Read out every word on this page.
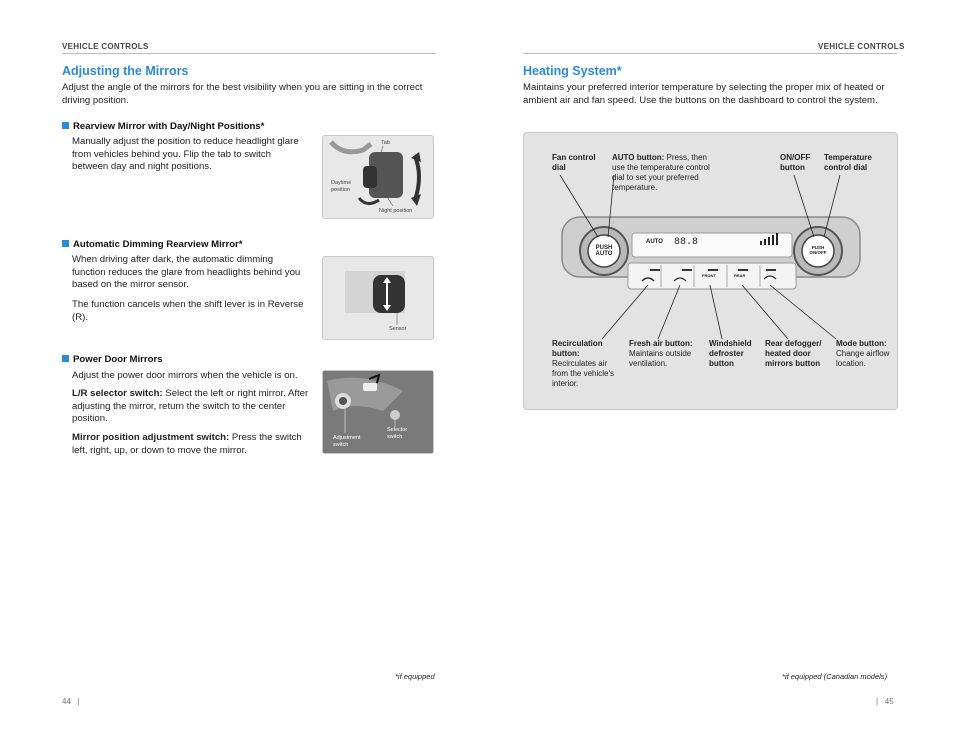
VEHICLE CONTROLS
Adjusting the Mirrors
Adjust the angle of the mirrors for the best visibility when you are sitting in the correct driving position.
Rearview Mirror with Day/Night Positions*
Manually adjust the position to reduce headlight glare from vehicles behind you. Flip the tab to switch between day and night positions.
Tab
Daytime position
Night position
Automatic Dimming Rearview Mirror*
When driving after dark, the automatic dimming function reduces the glare from headlights behind you based on the mirror sensor.
The function cancels when the shift lever is in Reverse (R).
Sensor
Power Door Mirrors
Adjust the power door mirrors when the vehicle is on.
L/R selector switch: Select the left or right mirror. After adjusting the mirror, return the switch to the center position.
Mirror position adjustment switch: Press the switch left, right, up, or down to move the mirror.
Adjustment switch
Selector switch
*if equipped
44   |
VEHICLE CONTROLS
Heating System*
Maintains your preferred interior temperature by selecting the proper mix of heated or ambient air and fan speed. Use the buttons on the dashboard to control the system.
AUTO 88.8
PUSH AUTO
PUSH ON/OFF
FRONT	REAR
Fan control dial
AUTO button: Press, then use the temperature control dial to set your preferred temperature.
ON/OFF button
Temperature control dial
Recirculation button: Recirculates air from the vehicle's interior.
Fresh air button: Maintains outside ventilation.
Windshield defroster button
Rear defogger/ heated door mirrors button
Mode button: Change airflow location.
*if equipped (Canadian models)
|   45
